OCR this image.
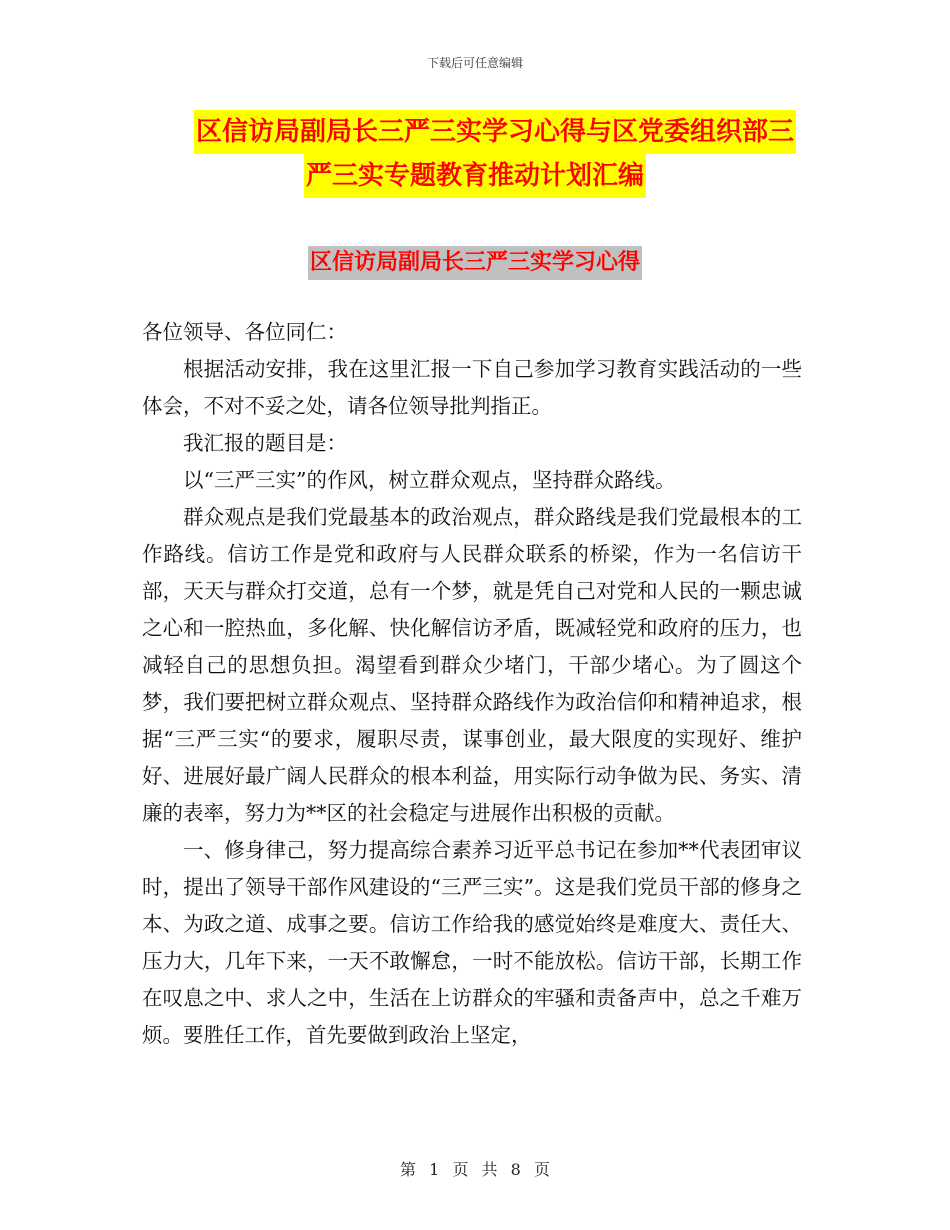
下载后可任意编辑
区信访局副局长三严三实学习心得与区党委组织部三
严三实专题教育推动计划汇编
区信访局副局长三严三实学习心得

各位领导、各位同仁：

根据活动安排，我在这里汇报一下自己参加学习教育实践活动的一些体会，不对不妥之处，请各位领导批判指正。

我汇报的题目是：

以“三严三实”的作风，树立群众观点，坚持群众路线。

群众观点是我们党最基本的政治观点，群众路线是我们党最根本的工作路线。信访工作是党和政府与人民群众联系的桥梁，作为一名信访干部，天天与群众打交道，总有一个梦，就是凭自己对党和人民的一颗忠诚之心和一腔热血，多化解、快化解信访矛盾，既减轻党和政府的压力，也减轻自己的思想负担。渴望看到群众少堵门，干部少堵心。为了圆这个梦，我们要把树立群众观点、坚持群众路线作为政治信仰和精神追求，根据“三严三实“的要求，履职尽责，谋事创业，最大限度的实现好、维护好、进展好最广阔人民群众的根本利益，用实际行动争做为民、务实、清廉的表率，努力为**区的社会稳定与进展作出积极的贡献。

一、修身律己，努力提高综合素养习近平总书记在参加**代表团审议时，提出了领导干部作风建设的“三严三实”。这是我们党员干部的修身之本、为政之道、成事之要。信访工作给我的感觉始终是难度大、责任大、压力大，几年下来，一天不敢懈怠，一时不能放松。信访干部，长期工作在叹息之中、求人之中，生活在上访群众的牢骚和责备声中，总之千难万烦。要胜任工作，首先要做到政治上坚定，

第 1 页 共 8 页
